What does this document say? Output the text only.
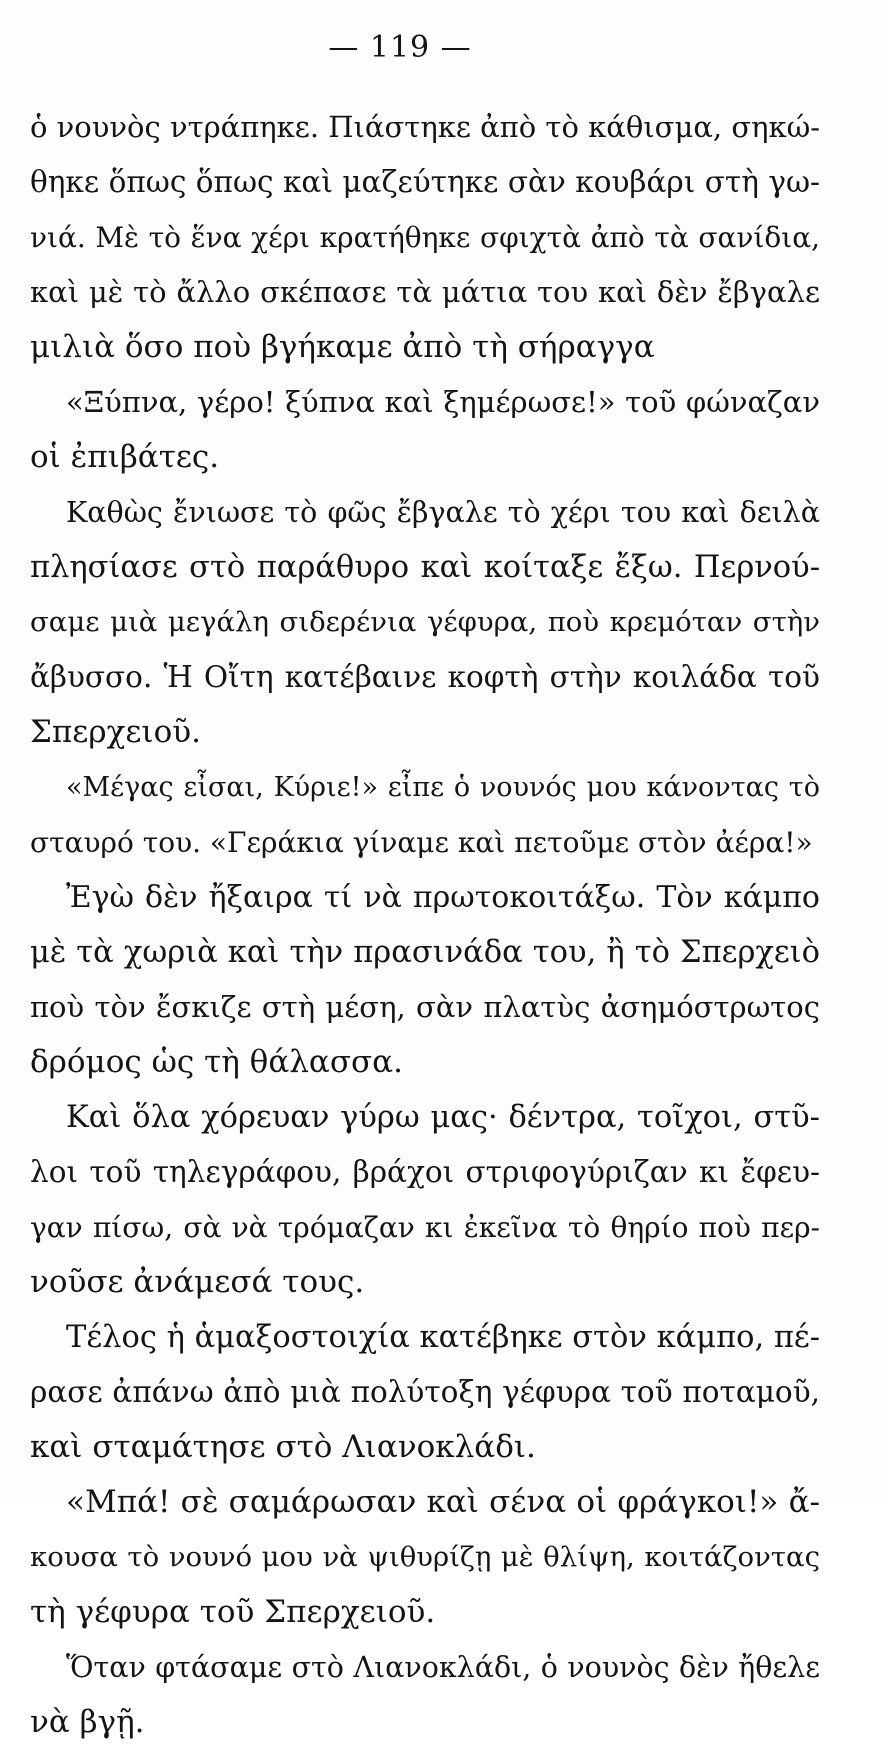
— 119 —
ὁ νουνὸς ντράπηκε. Πιάστηκε ἀπὸ τὸ κάθισμα, σηκώ-
θηκε ὅπως ὅπως καὶ μαζεύτηκε σὰν κουβάρι στὴ γω-
νιά. Μὲ τὸ ἕνα χέρι κρατήθηκε σφιχτὰ ἀπὸ τὰ σανίδια,
καὶ μὲ τὸ ἄλλο σκέπασε τὰ μάτια του καὶ δὲν ἔβγαλε
μιλιὰ ὅσο ποὺ βγήκαμε ἀπὸ τὴ σήραγγα
«Ξύπνα, γέρο! ξύπνα καὶ ξημέρωσε!» τοῦ φώναζαν
οἱ ἐπιβάτες.
Καθὼς ἔνιωσε τὸ φῶς ἔβγαλε τὸ χέρι του καὶ δειλὰ
πλησίασε στὸ παράθυρο καὶ κοίταξε ἔξω. Περνού-
σαμε μιὰ μεγάλη σιδερένια γέφυρα, ποὺ κρεμόταν στὴν
ἄβυσσο. Ἡ Οἴτη κατέβαινε κοφτὴ στὴν κοιλάδα τοῦ
Σπερχειοῦ.
«Μέγας εἶσαι, Κύριε!» εἶπε ὁ νουνός μου κάνοντας τὸ
σταυρό του. «Γεράκια γίναμε καὶ πετοῦμε στὸν ἀέρα!»
Ἐγὼ δὲν ἤξαιρα τί νὰ πρωτοκοιτάξω. Τὸν κάμπο
μὲ τὰ χωριὰ καὶ τὴν πρασινάδα του, ἢ τὸ Σπερχειὸ
ποὺ τὸν ἔσκιζε στὴ μέση, σὰν πλατὺς ἀσημόστρωτος
δρόμος ὡς τὴ θάλασσα.
Καὶ ὅλα χόρευαν γύρω μας· δέντρα, τοῖχοι, στῦ-
λοι τοῦ τηλεγράφου, βράχοι στριφογύριζαν κι ἔφευ-
γαν πίσω, σὰ νὰ τρόμαζαν κι ἐκεῖνα τὸ θηρίο ποὺ περ-
νοῦσε ἀνάμεσά τους.
Τέλος ἡ ἁμαξοστοιχία κατέβηκε στὸν κάμπο, πέ-
ρασε ἀπάνω ἀπὸ μιὰ πολύτοξη γέφυρα τοῦ ποταμοῦ,
καὶ σταμάτησε στὸ Λιανοκλάδι.
«Μπά! σὲ σαμάρωσαν καὶ σένα οἱ φράγκοι!» ἄ-
κουσα τὸ νουνό μου νὰ ψιθυρίζῃ μὲ θλίψη, κοιτάζοντας
τὴ γέφυρα τοῦ Σπερχειοῦ.
Ὅταν φτάσαμε στὸ Λιανοκλάδι, ὁ νουνὸς δὲν ἤθελε
νὰ βγῇ.
